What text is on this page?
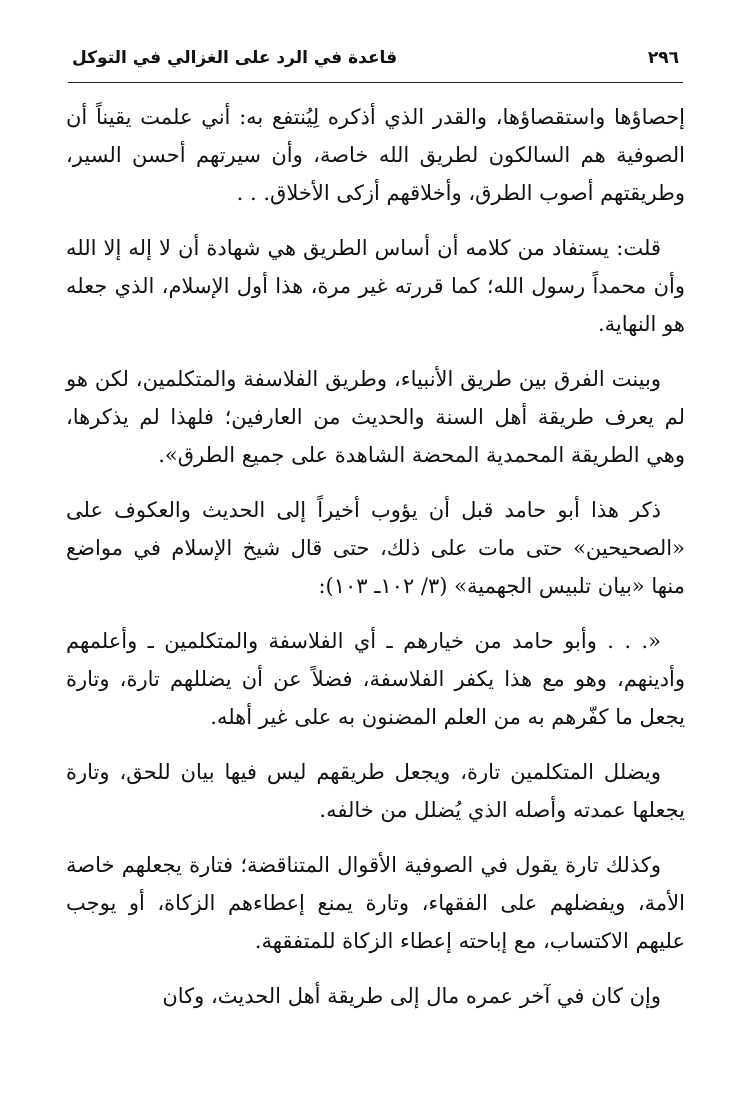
٢٩٦
قاعدة في الرد على الغزالي في التوكل

إحصاؤها واستقصاؤها، والقدر الذي أذكره لِيُنتفع به: أني علمت يقيناً أن الصوفية هم السالكون لطريق الله خاصة، وأن سيرتهم أحسن السير، وطريقتهم أصوب الطرق، وأخلاقهم أزكى الأخلاق. . .

قلت: يستفاد من كلامه أن أساس الطريق هي شهادة أن لا إله إلا الله وأن محمداً رسول الله؛ كما قررته غير مرة، هذا أول الإسلام، الذي جعله هو النهاية.

وبينت الفرق بين طريق الأنبياء، وطريق الفلاسفة والمتكلمين، لكن هو لم يعرف طريقة أهل السنة والحديث من العارفين؛ فلهذا لم يذكرها، وهي الطريقة المحمدية المحضة الشاهدة على جميع الطرق».

ذكر هذا أبو حامد قبل أن يؤوب أخيراً إلى الحديث والعكوف على «الصحيحين» حتى مات على ذلك، حتى قال شيخ الإسلام في مواضع منها «بيان تلبيس الجهمية» (٣/ ١٠٢ـ ١٠٣):

«. . . وأبو حامد من خيارهم ـ أي الفلاسفة والمتكلمين ـ وأعلمهم وأدينهم، وهو مع هذا يكفر الفلاسفة، فضلاً عن أن يضللهم تارة، وتارة يجعل ما كفّرهم به من العلم المضنون به على غير أهله.

ويضلل المتكلمين تارة، ويجعل طريقهم ليس فيها بيان للحق، وتارة يجعلها عمدته وأصله الذي يُضلل من خالفه.

وكذلك تارة يقول في الصوفية الأقوال المتناقضة؛ فتارة يجعلهم خاصة الأمة، ويفضلهم على الفقهاء، وتارة يمنع إعطاءهم الزكاة، أو يوجب عليهم الاكتساب، مع إباحته إعطاء الزكاة للمتفقهة.

وإن كان في آخر عمره مال إلى طريقة أهل الحديث، وكان
